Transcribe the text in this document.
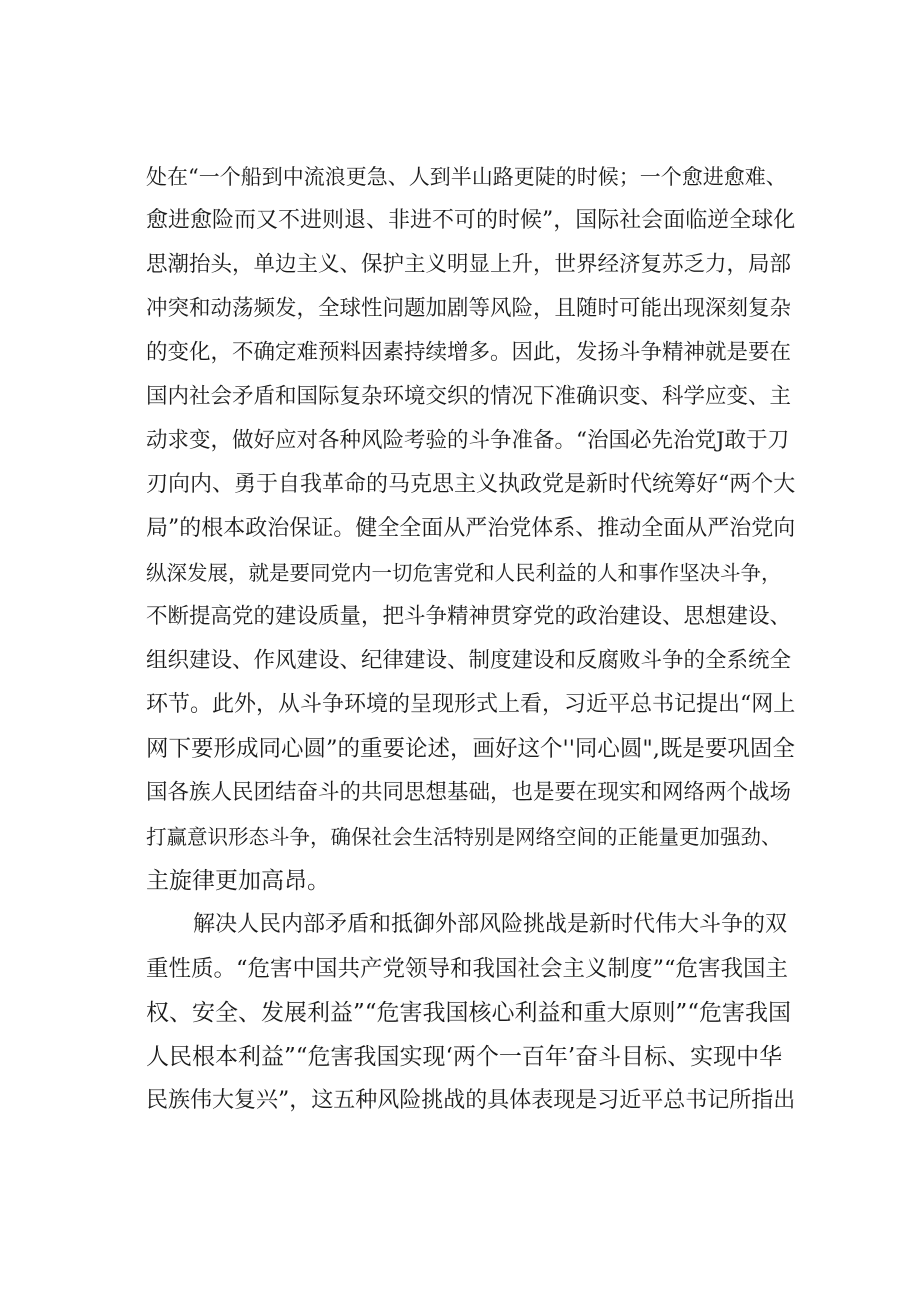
处在“一个船到中流浪更急、人到半山路更陡的时候；一个愈进愈难、
愈进愈险而又不进则退、非进不可的时候”，国际社会面临逆全球化
思潮抬头，单边主义、保护主义明显上升，世界经济复苏乏力，局部
冲突和动荡频发，全球性问题加剧等风险，且随时可能出现深刻复杂
的变化，不确定难预料因素持续增多。因此，发扬斗争精神就是要在
国内社会矛盾和国际复杂环境交织的情况下准确识变、科学应变、主
动求变，做好应对各种风险考验的斗争准备。“治国必先治党J敢于刀
刃向内、勇于自我革命的马克思主义执政党是新时代统筹好“两个大
局”的根本政治保证。健全全面从严治党体系、推动全面从严治党向
纵深发展，就是要同党内一切危害党和人民利益的人和事作坚决斗争，
不断提高党的建设质量，把斗争精神贯穿党的政治建设、思想建设、
组织建设、作风建设、纪律建设、制度建设和反腐败斗争的全系统全
环节。此外，从斗争环境的呈现形式上看，习近平总书记提出“网上
网下要形成同心圆”的重要论述，画好这个''同心圆",既是要巩固全
国各族人民团结奋斗的共同思想基础，也是要在现实和网络两个战场
打赢意识形态斗争，确保社会生活特别是网络空间的正能量更加强劲、
主旋律更加高昂。
解决人民内部矛盾和抵御外部风险挑战是新时代伟大斗争的双
重性质。“危害中国共产党领导和我国社会主义制度”“危害我国主
权、安全、发展利益”“危害我国核心利益和重大原则”“危害我国
人民根本利益”“危害我国实现‘两个一百年’奋斗目标、实现中华
民族伟大复兴”，这五种风险挑战的具体表现是习近平总书记所指出
